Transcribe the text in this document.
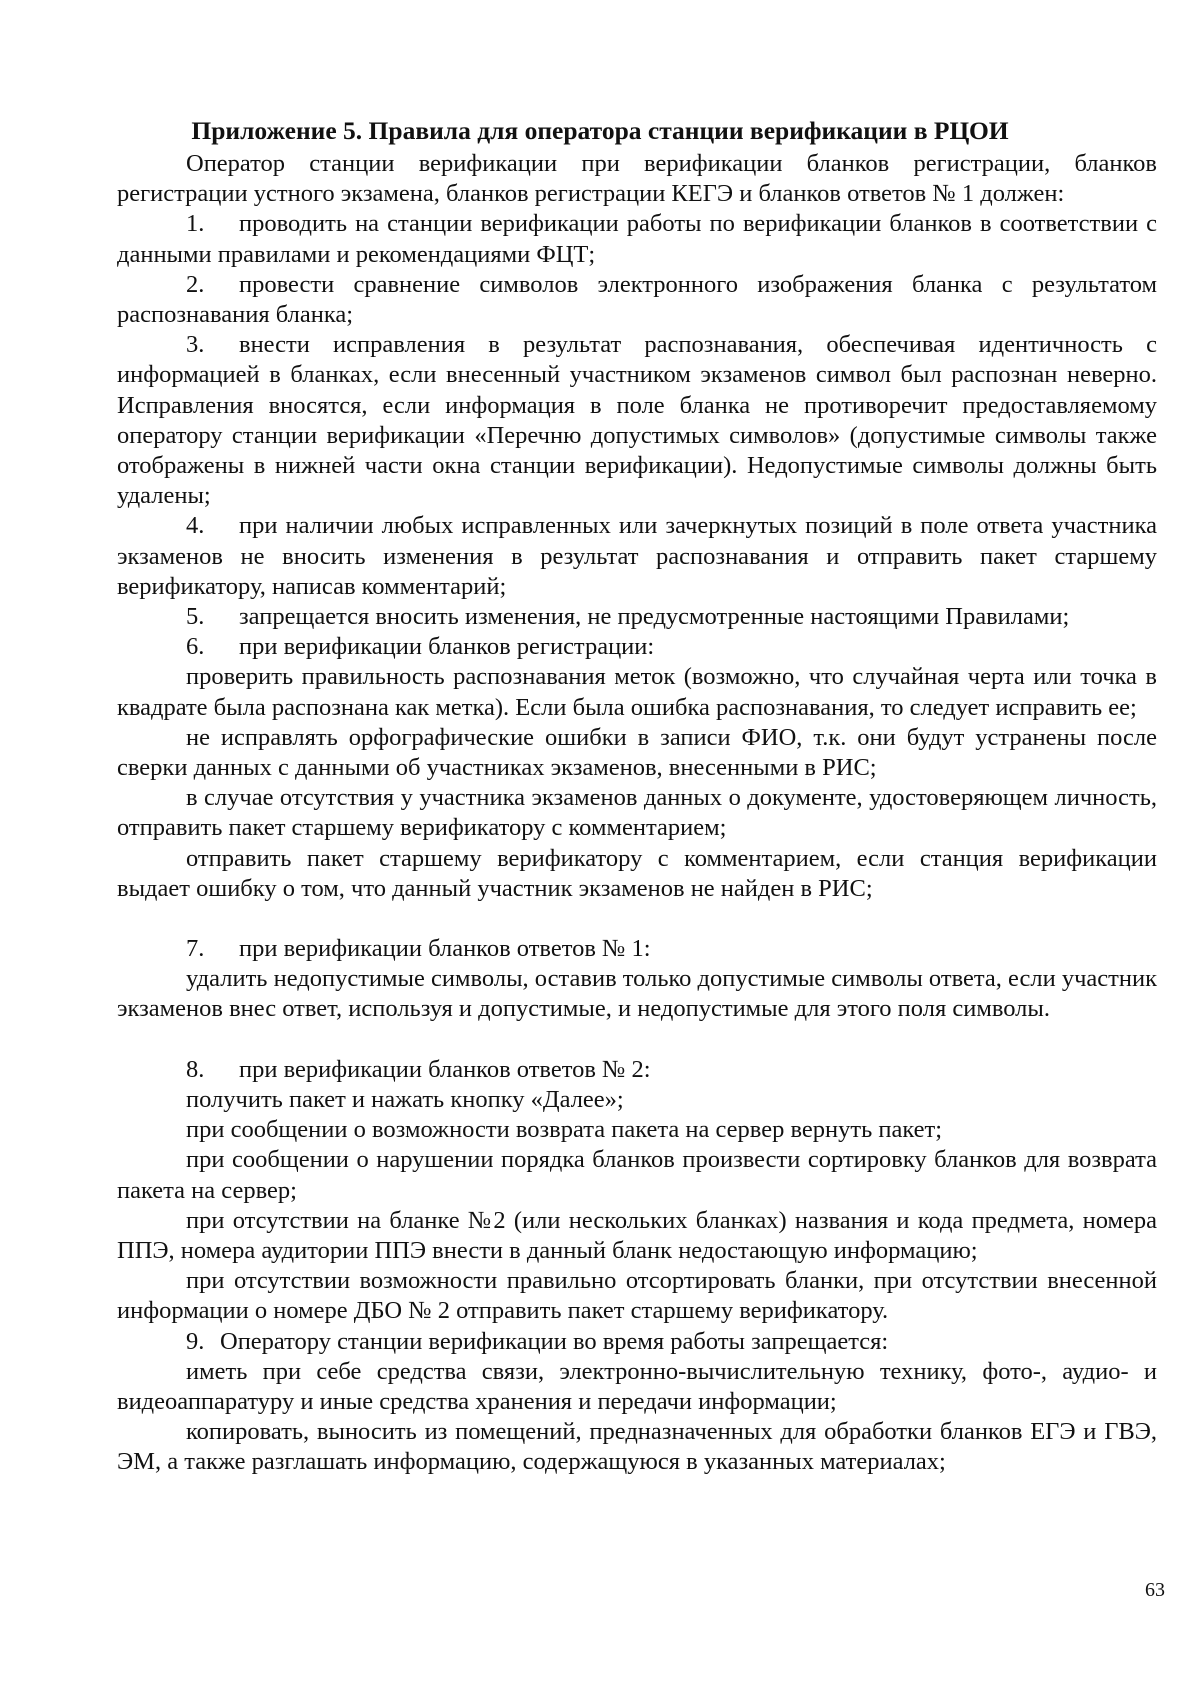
Приложение 5. Правила для оператора станции верификации в РЦОИ

Оператор станции верификации при верификации бланков регистрации, бланков регистрации устного экзамена, бланков регистрации КЕГЭ и бланков ответов № 1 должен:

1. проводить на станции верификации работы по верификации бланков в соответствии с данными правилами и рекомендациями ФЦТ;

2. провести сравнение символов электронного изображения бланка с результатом распознавания бланка;

3. внести исправления в результат распознавания, обеспечивая идентичность с информацией в бланках, если внесенный участником экзаменов символ был распознан неверно. Исправления вносятся, если информация в поле бланка не противоречит предоставляемому оператору станции верификации «Перечню допустимых символов» (допустимые символы также отображены в нижней части окна станции верификации). Недопустимые символы должны быть удалены;

4. при наличии любых исправленных или зачеркнутых позиций в поле ответа участника экзаменов не вносить изменения в результат распознавания и отправить пакет старшему верификатору, написав комментарий;

5. запрещается вносить изменения, не предусмотренные настоящими Правилами;

6. при верификации бланков регистрации:

проверить правильность распознавания меток (возможно, что случайная черта или точка в квадрате была распознана как метка). Если была ошибка распознавания, то следует исправить ее;

не исправлять орфографические ошибки в записи ФИО, т.к. они будут устранены после сверки данных с данными об участниках экзаменов, внесенными в РИС;

в случае отсутствия у участника экзаменов данных о документе, удостоверяющем личность, отправить пакет старшему верификатору с комментарием;

отправить пакет старшему верификатору с комментарием, если станция верификации выдает ошибку о том, что данный участник экзаменов не найден в РИС;

7. при верификации бланков ответов № 1:

удалить недопустимые символы, оставив только допустимые символы ответа, если участник экзаменов внес ответ, используя и допустимые, и недопустимые для этого поля символы.

8. при верификации бланков ответов № 2:

получить пакет и нажать кнопку «Далее»;

при сообщении о возможности возврата пакета на сервер вернуть пакет;

при сообщении о нарушении порядка бланков произвести сортировку бланков для возврата пакета на сервер;

при отсутствии на бланке №2 (или нескольких бланках) названия и кода предмета, номера ППЭ, номера аудитории ППЭ внести в данный бланк недостающую информацию;

при отсутствии возможности правильно отсортировать бланки, при отсутствии внесенной информации о номере ДБО № 2 отправить пакет старшему верификатору.

9. Оператору станции верификации во время работы запрещается:

иметь при себе средства связи, электронно-вычислительную технику, фото-, аудио- и видеоаппаратуру и иные средства хранения и передачи информации;

копировать, выносить из помещений, предназначенных для обработки бланков ЕГЭ и ГВЭ, ЭМ, а также разглашать информацию, содержащуюся в указанных материалах;

63
